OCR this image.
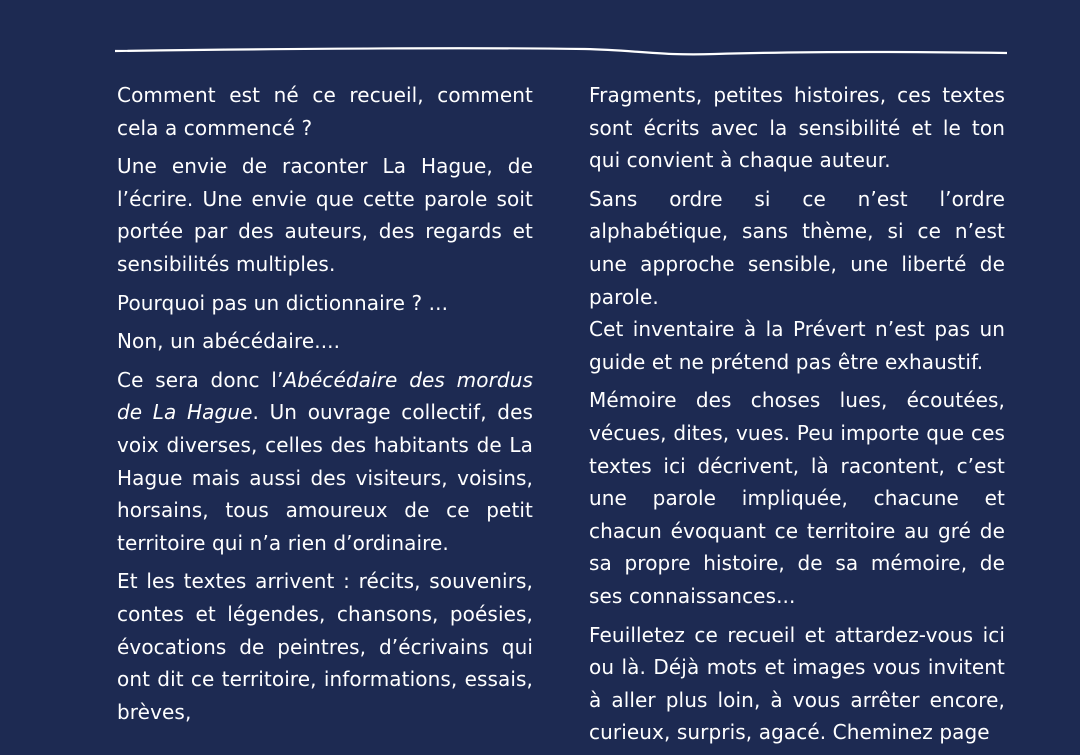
Comment est né ce recueil, comment cela a commencé ?

Une envie de raconter La Hague, de l’écrire. Une envie que cette parole soit portée par des auteurs, des regards et sensibilités multiples.

Pourquoi pas un dictionnaire ? ...

Non, un abécédaire....

Ce sera donc l’Abécédaire des mordus de La Hague. Un ouvrage collectif, des voix diverses, celles des habitants de La Hague mais aussi des visiteurs, voisins, horsains, tous amoureux de ce petit territoire qui n’a rien d’ordinaire.

Et les textes arrivent : récits, souvenirs, contes et légendes, chansons, poésies, évocations de peintres, d’écrivains qui ont dit ce territoire, informations, essais, brèves,

Fragments, petites histoires, ces textes sont écrits avec la sensibilité et le ton qui convient à chaque auteur.

Sans ordre si ce n’est l’ordre alphabétique, sans thème, si ce n’est une approche sensible, une liberté de parole.

Cet inventaire à la Prévert n’est pas un guide et ne prétend pas être exhaustif.

Mémoire des choses lues, écoutées, vécues, dites, vues. Peu importe que ces textes ici décrivent, là racontent, c’est une parole impliquée, chacune et chacun évoquant ce territoire au gré de sa propre histoire, de sa mémoire, de ses connaissances...

Feuilletez ce recueil et attardez-vous ici ou là. Déjà mots et images vous invitent à aller plus loin, à vous arrêter encore, curieux, surpris, agacé. Cheminez page
